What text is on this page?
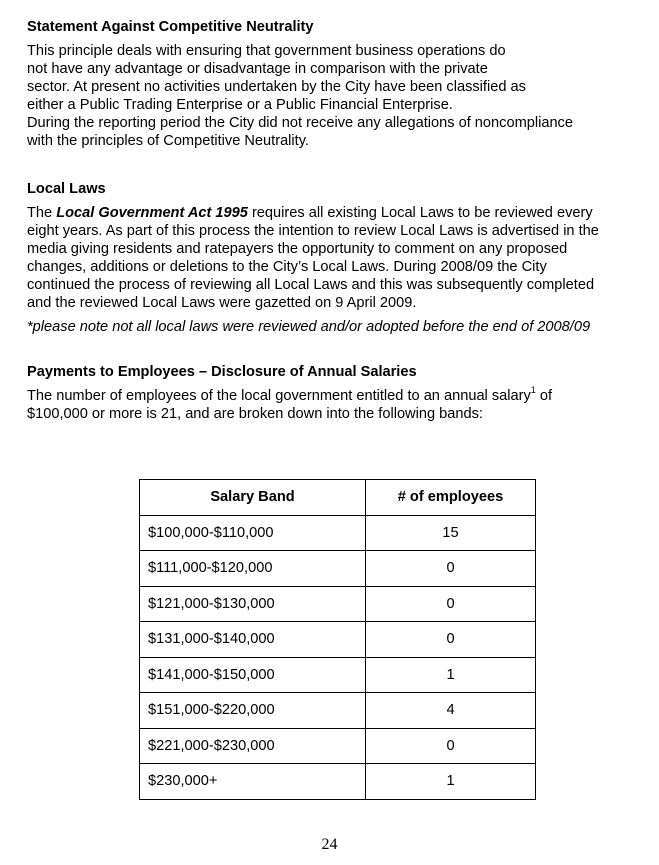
Statement Against Competitive Neutrality

This principle deals with ensuring that government business operations do

not have any advantage or disadvantage in comparison with the private

sector. At present no activities undertaken by the City have been classified as

either a Public Trading Enterprise or a Public Financial Enterprise.

During the reporting period the City did not receive any allegations of noncompliance

with the principles of Competitive Neutrality.

Local Laws

The Local Government Act 1995 requires all existing Local Laws to be reviewed every

eight years. As part of this process the intention to review Local Laws is advertised in the

media giving residents and ratepayers the opportunity to comment on any proposed

changes, additions or deletions to the City’s Local Laws. During 2008/09 the City

continued the process of reviewing all Local Laws and this was subsequently completed

and the reviewed Local Laws were gazetted on 9 April 2009.

*please note not all local laws were reviewed and/or adopted before the end of 2008/09

Payments to Employees – Disclosure of Annual Salaries

The number of employees of the local government entitled to an annual salary$^1$ of

$100,000 or more is 21, and are broken down into the following bands:

Salary Band	# of employees
$100,000-$110,000	15
$111,000-$120,000	0
$121,000-$130,000	0
$131,000-$140,000	0
$141,000-$150,000	1
$151,000-$220,000	4
$221,000-$230,000	0
$230,000+	1
24
